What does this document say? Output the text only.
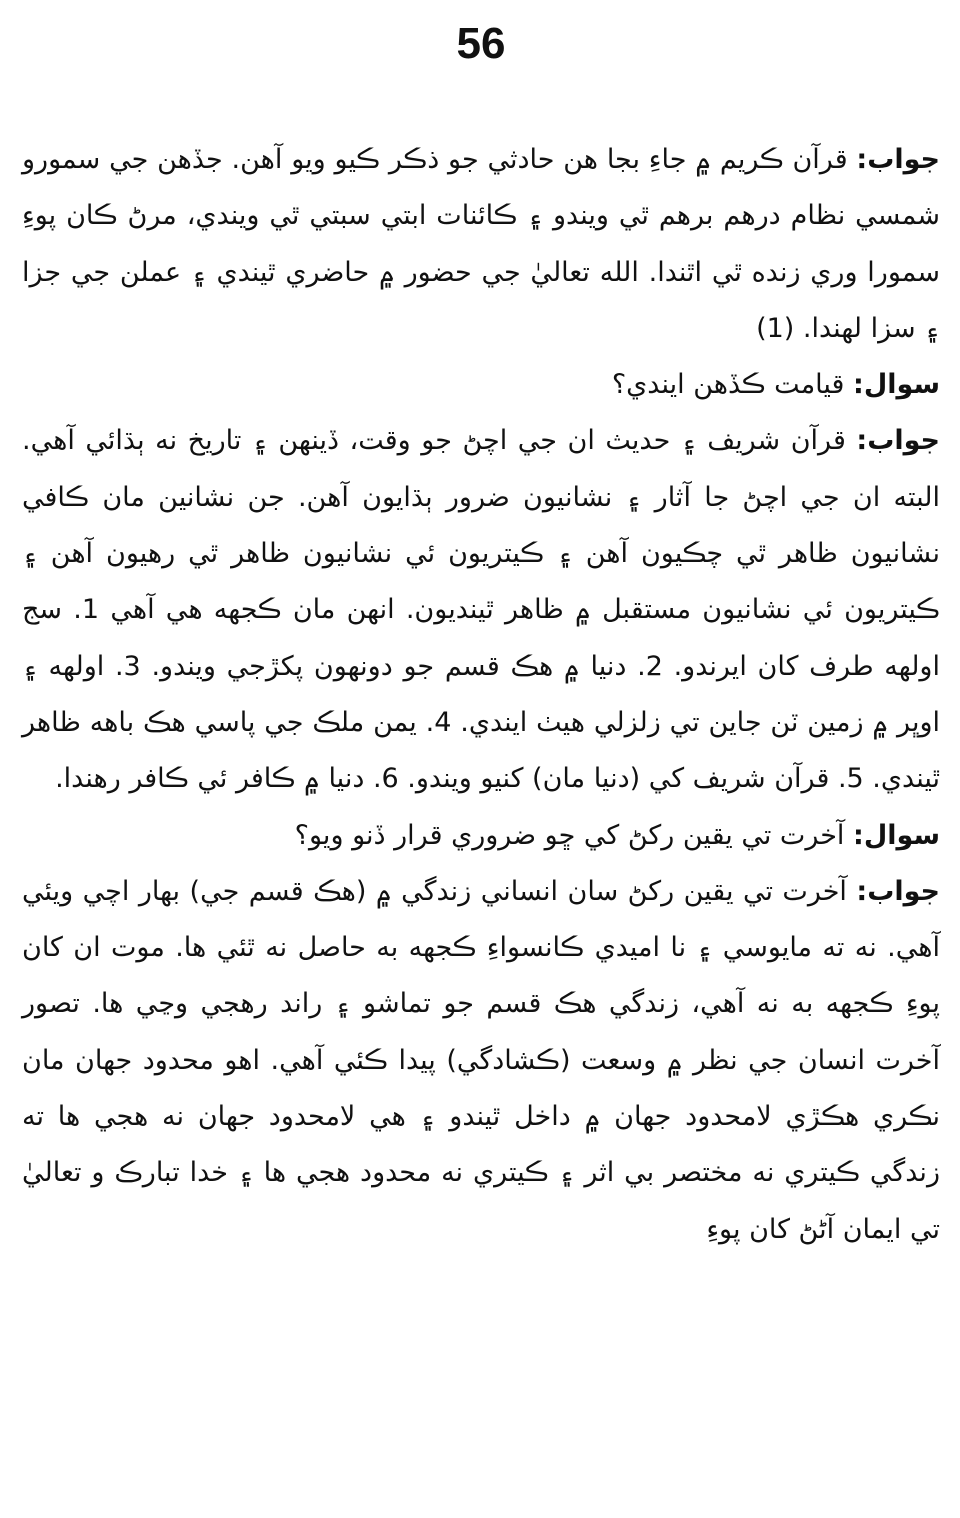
56

جواب: قرآن ڪريم ۾ جاءِ بجا هن حادثي جو ذڪر ڪيو ويو آهن. جڏهن جي سمورو شمسي نظام درهم برهم ٿي ويندو ۽ ڪائنات ابتي سبتي ٿي ويندي، مرڻ ڪان پوءِ سمورا وري زنده ٿي اٿندا. الله تعاليٰ جي حضور ۾ حاضري ٿيندي ۽ عملن جي جزا ۽ سزا لهندا. (1)

سوال: قيامت ڪڏهن ايندي؟

جواب: قرآن شريف ۽ حديث ان جي اچڻ جو وقت، ڏينهن ۽ تاريخ نه ٻڌائي آهي. البته ان جي اچڻ جا آثار ۽ نشانيون ضرور ٻڌايون آهن. جن نشانين مان ڪافي نشانيون ظاهر ٿي چڪيون آهن ۽ ڪيتريون ئي نشانيون ظاهر ٿي رهيون آهن ۽ ڪيتريون ئي نشانيون مستقبل ۾ ظاهر ٿينديون. انهن مان ڪجهه هي آهي 1. سج اولهه طرف کان ايرندو. 2. دنيا ۾ هڪ قسم جو دونهون پکڙجي ويندو. 3. اولهه ۽ اوڀر ۾ زمين ٽن جاين تي زلزلي هيٺ ايندي. 4. يمن ملڪ جي پاسي هڪ باهه ظاهر ٿيندي. 5. قرآن شريف کي (دنيا مان) کنيو ويندو. 6. دنيا ۾ ڪافر ئي ڪافر رهندا.

سوال: آخرت تي يقين رکڻ کي ڇو ضروري قرار ڏنو ويو؟

جواب: آخرت تي يقين رکڻ سان انساني زندگي ۾ (هڪ قسم جي) بهار اچي ويئي آهي. نه ته مايوسي ۽ نا اميدي ڪانسواءِ ڪجهه به حاصل نه ٿئي ها. موت ان کان پوءِ ڪجهه به نه آهي، زندگي هڪ قسم جو تماشو ۽ راند رهجي وڃي ها. تصور آخرت انسان جي نظر ۾ وسعت (ڪشادگي) پيدا ڪئي آهي. اهو محدود جهان مان نڪري هڪڙي لامحدود جهان ۾ داخل ٿيندو ۽ هي لامحدود جهان نه هجي ها ته زندگي ڪيتري نه مختصر بي اثر ۽ ڪيتري نه محدود هجي ها ۽ خدا تبارڪ و تعاليٰ تي ايمان آڻڻ کان پوءِ
